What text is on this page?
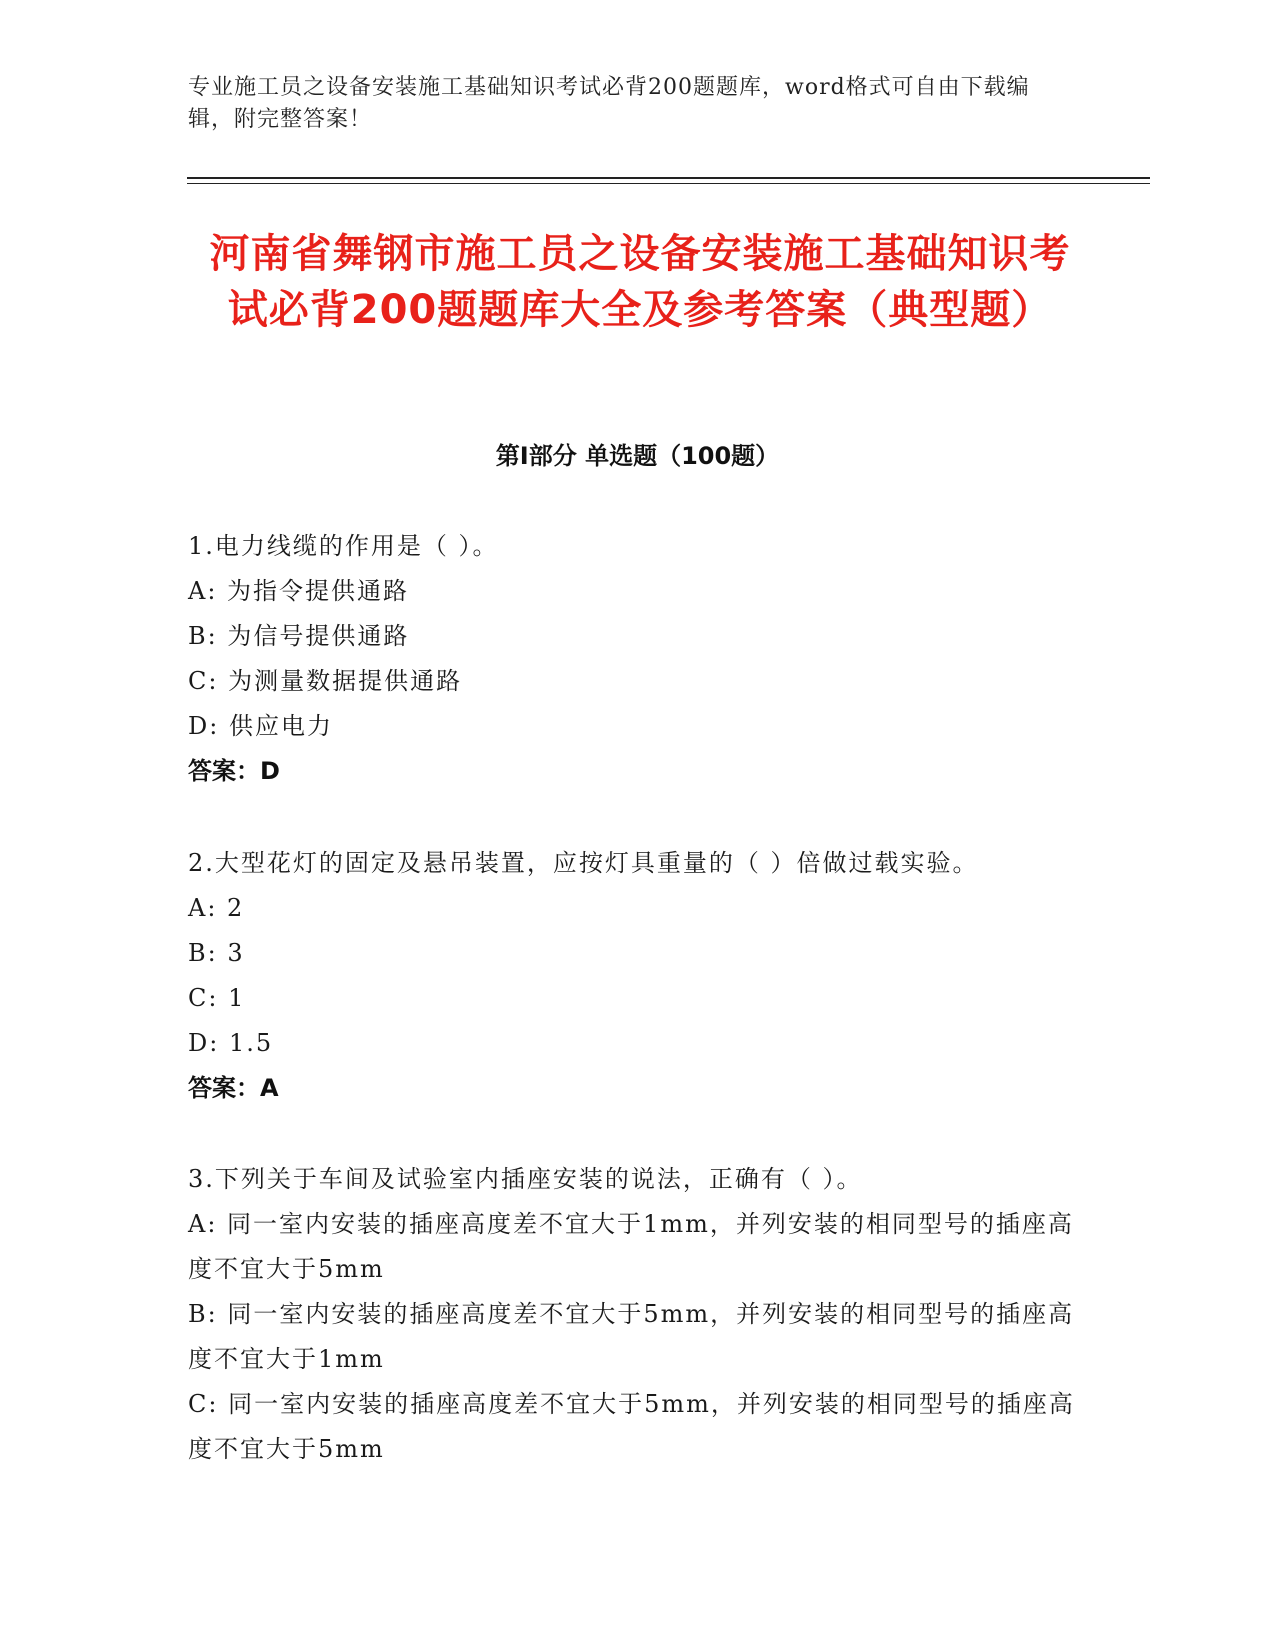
专业施工员之设备安装施工基础知识考试必背200题题库，word格式可自由下载编辑，附完整答案！
河南省舞钢市施工员之设备安装施工基础知识考试必背200题题库大全及参考答案（典型题）
第I部分 单选题（100题）
1.电力线缆的作用是（ ）。
A: 为指令提供通路
B: 为信号提供通路
C: 为测量数据提供通路
D: 供应电力
答案：D
2.大型花灯的固定及悬吊装置，应按灯具重量的（ ）倍做过载实验。
A: 2
B: 3
C: 1
D: 1.5
答案：A
3.下列关于车间及试验室内插座安装的说法，正确有（ ）。
A: 同一室内安装的插座高度差不宜大于1mm，并列安装的相同型号的插座高度不宜大于5mm
B: 同一室内安装的插座高度差不宜大于5mm，并列安装的相同型号的插座高度不宜大于1mm
C: 同一室内安装的插座高度差不宜大于5mm，并列安装的相同型号的插座高度不宜大于5mm
